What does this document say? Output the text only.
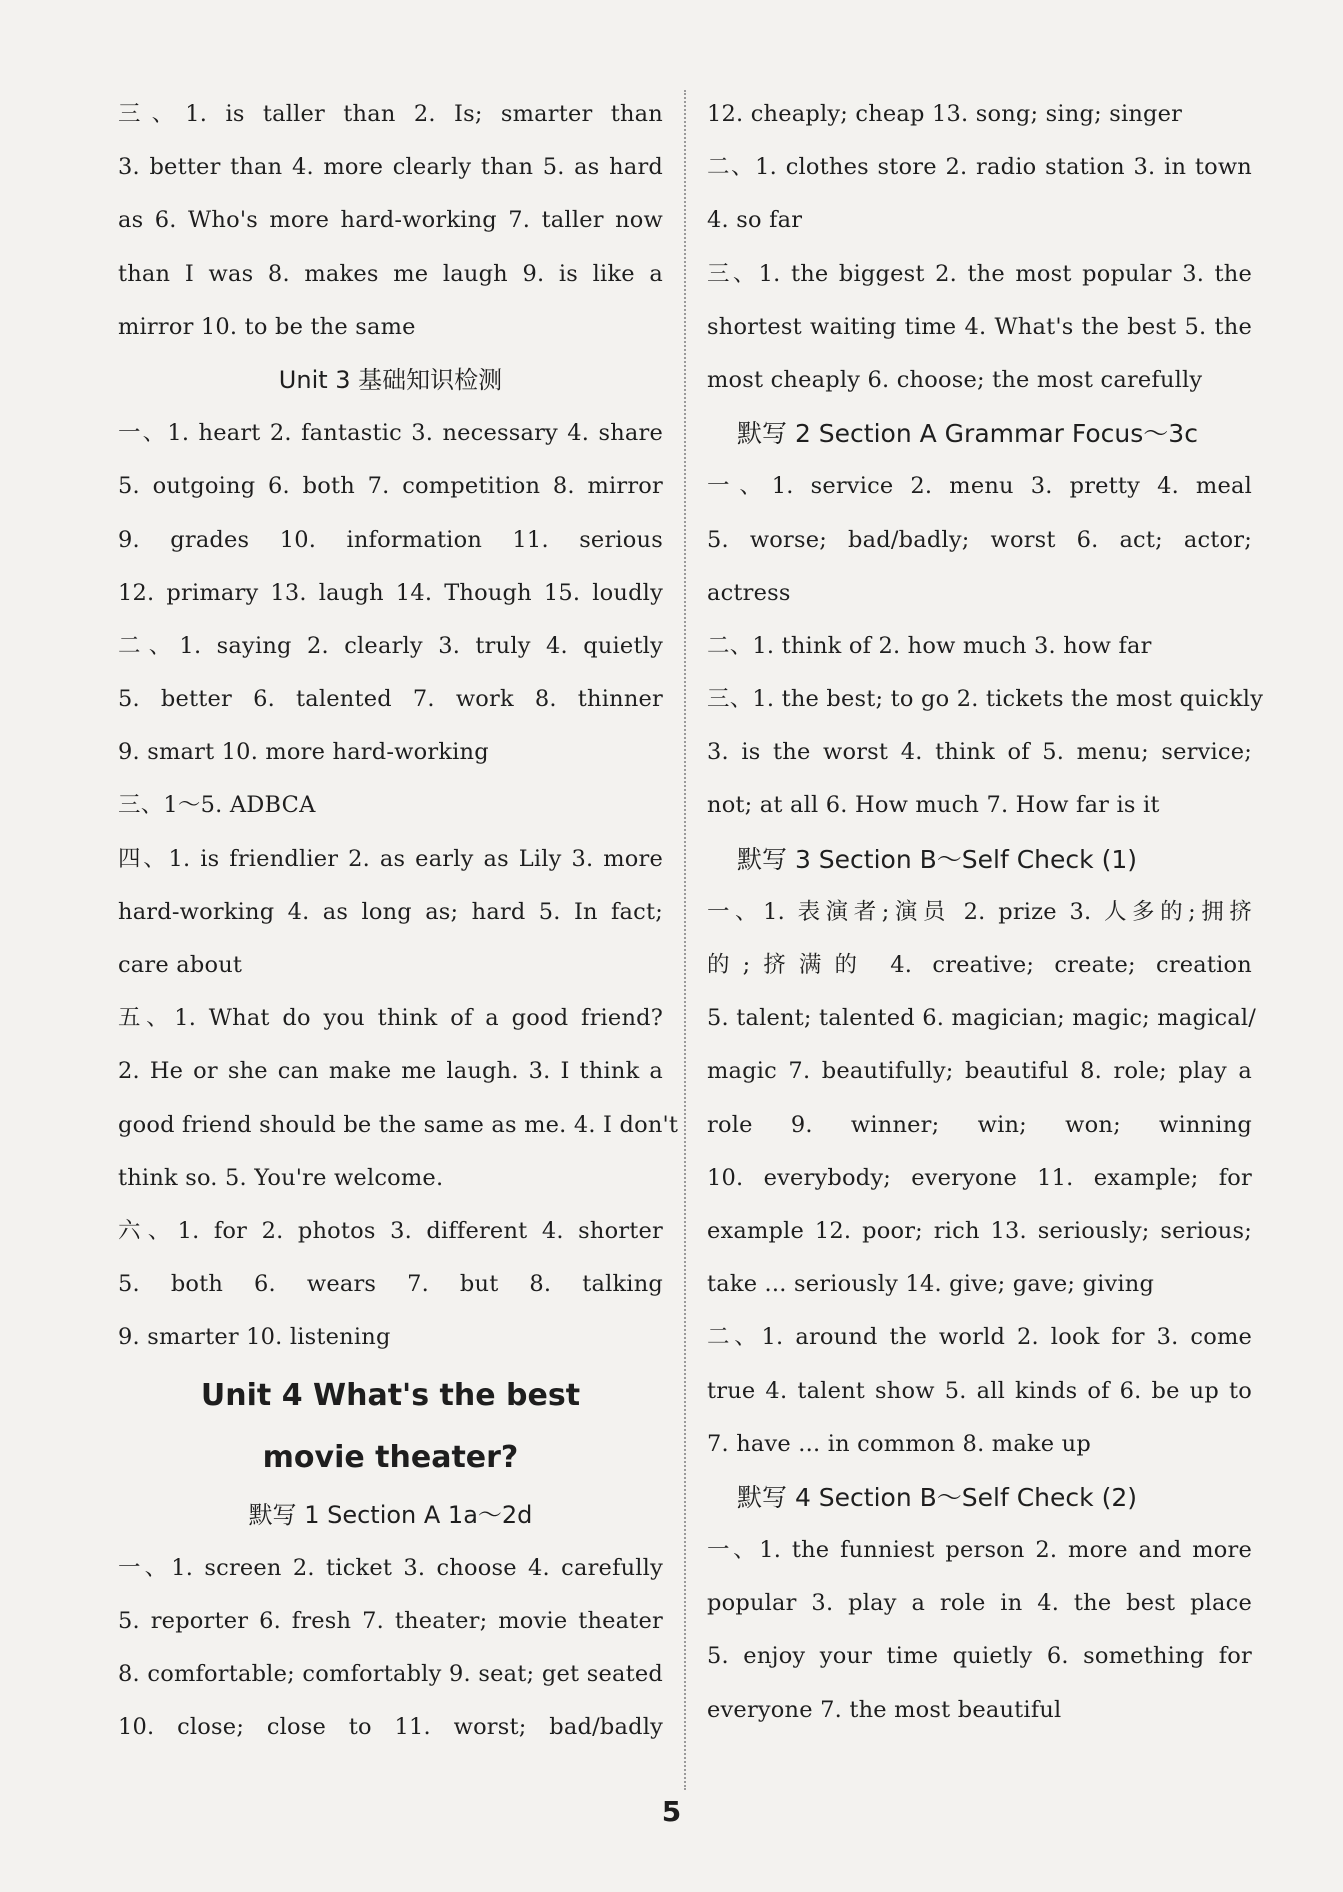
三、1. is taller than 2. Is; smarter than
3. better than 4. more clearly than 5. as hard
as 6. Who's more hard-working 7. taller now
than I was 8. makes me laugh 9. is like a
mirror 10. to be the same
Unit 3 基础知识检测
一、1. heart 2. fantastic 3. necessary 4. share
5. outgoing 6. both 7. competition 8. mirror
9. grades 10. information 11. serious
12. primary 13. laugh 14. Though 15. loudly
二、1. saying 2. clearly 3. truly 4. quietly
5. better 6. talented 7. work 8. thinner
9. smart 10. more hard-working
三、1～5. ADBCA
四、1. is friendlier 2. as early as Lily 3. more
hard-working 4. as long as; hard 5. In fact;
care about
五、1. What do you think of a good friend?
2. He or she can make me laugh. 3. I think a
good friend should be the same as me. 4. I don't
think so. 5. You're welcome.
六、1. for 2. photos 3. different 4. shorter
5. both 6. wears 7. but 8. talking
9. smarter 10. listening
Unit 4 What's the best
movie theater?
默写 1 Section A 1a～2d
一、1. screen 2. ticket 3. choose 4. carefully
5. reporter 6. fresh 7. theater; movie theater
8. comfortable; comfortably 9. seat; get seated
10. close; close to 11. worst; bad/badly
12. cheaply; cheap 13. song; sing; singer
二、1. clothes store 2. radio station 3. in town
4. so far
三、1. the biggest 2. the most popular 3. the
shortest waiting time 4. What's the best 5. the
most cheaply 6. choose; the most carefully
默写 2 Section A Grammar Focus～3c
一、1. service 2. menu 3. pretty 4. meal
5. worse; bad/badly; worst 6. act; actor;
actress
二、1. think of 2. how much 3. how far
三、1. the best; to go 2. tickets the most quickly
3. is the worst 4. think of 5. menu; service;
not; at all 6. How much 7. How far is it
默写 3 Section B～Self Check (1)
一、1. 表演者;演员 2. prize 3. 人多的;拥挤
的;挤满的 4. creative; create; creation
5. talent; talented 6. magician; magic; magical/
magic 7. beautifully; beautiful 8. role; play a
role 9. winner; win; won; winning
10. everybody; everyone 11. example; for
example 12. poor; rich 13. seriously; serious;
take ... seriously 14. give; gave; giving
二、1. around the world 2. look for 3. come
true 4. talent show 5. all kinds of 6. be up to
7. have ... in common 8. make up
默写 4 Section B～Self Check (2)
一、1. the funniest person 2. more and more
popular 3. play a role in 4. the best place
5. enjoy your time quietly 6. something for
everyone 7. the most beautiful
5
